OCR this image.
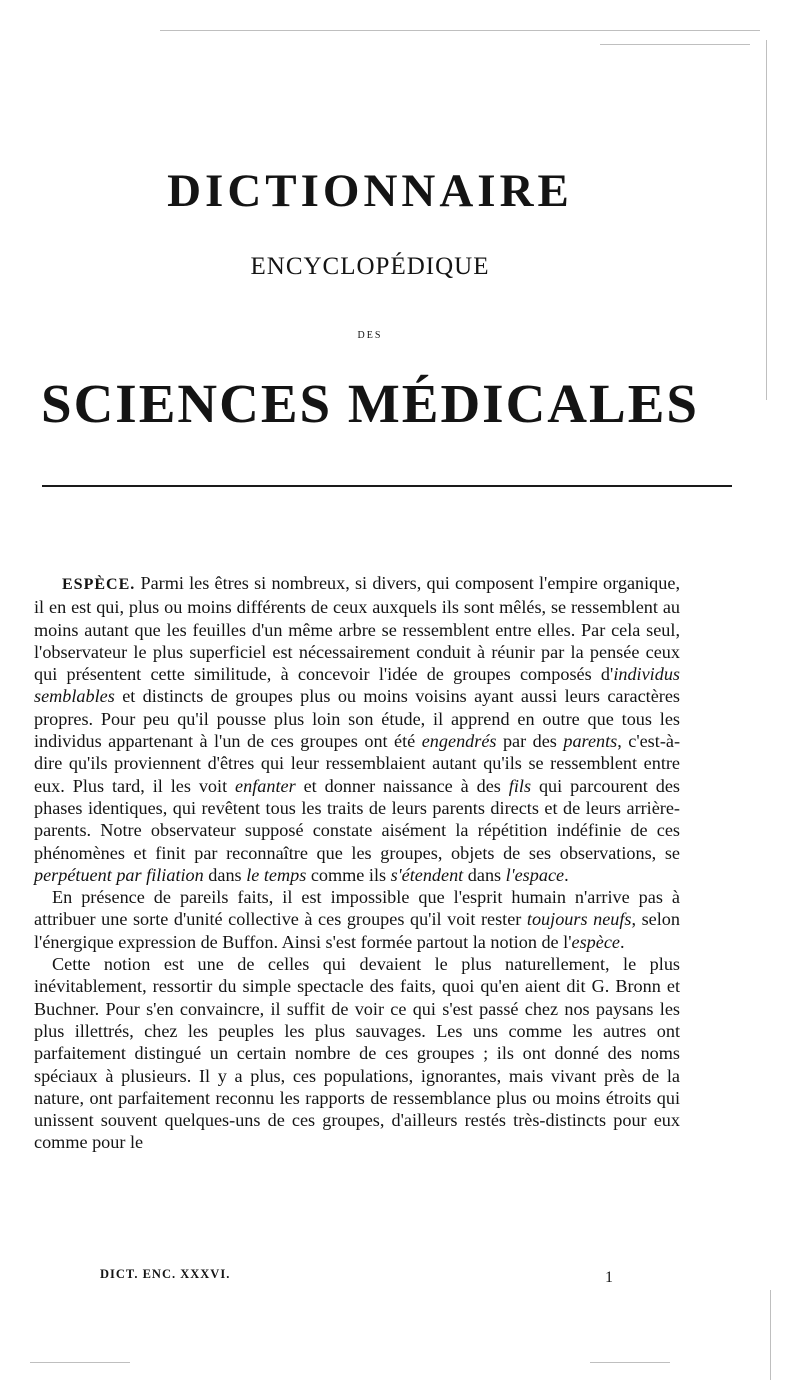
DICTIONNAIRE
ENCYCLOPÉDIQUE
DES
SCIENCES MÉDICALES

ESPÈCE. Parmi les êtres si nombreux, si divers, qui composent l'empire organique, il en est qui, plus ou moins différents de ceux auxquels ils sont mêlés, se ressemblent au moins autant que les feuilles d'un même arbre se ressemblent entre elles. Par cela seul, l'observateur le plus superficiel est nécessairement conduit à réunir par la pensée ceux qui présentent cette similitude, à concevoir l'idée de groupes composés d'individus semblables et distincts de groupes plus ou moins voisins ayant aussi leurs caractères propres. Pour peu qu'il pousse plus loin son étude, il apprend en outre que tous les individus appartenant à l'un de ces groupes ont été engendrés par des parents, c'est-à-dire qu'ils proviennent d'êtres qui leur ressemblaient autant qu'ils se ressemblent entre eux. Plus tard, il les voit enfanter et donner naissance à des fils qui parcourent des phases identiques, qui revêtent tous les traits de leurs parents directs et de leurs arrière-parents. Notre observateur supposé constate aisément la répétition indéfinie de ces phénomènes et finit par reconnaître que les groupes, objets de ses observations, se perpétuent par filiation dans le temps comme ils s'étendent dans l'espace.

En présence de pareils faits, il est impossible que l'esprit humain n'arrive pas à attribuer une sorte d'unité collective à ces groupes qu'il voit rester toujours neufs, selon l'énergique expression de Buffon. Ainsi s'est formée partout la notion de l'espèce.

Cette notion est une de celles qui devaient le plus naturellement, le plus inévitablement, ressortir du simple spectacle des faits, quoi qu'en aient dit G. Bronn et Buchner. Pour s'en convaincre, il suffit de voir ce qui s'est passé chez nos paysans les plus illettrés, chez les peuples les plus sauvages. Les uns comme les autres ont parfaitement distingué un certain nombre de ces groupes ; ils ont donné des noms spéciaux à plusieurs. Il y a plus, ces populations, ignorantes, mais vivant près de la nature, ont parfaitement reconnu les rapports de ressemblance plus ou moins étroits qui unissent souvent quelques-uns de ces groupes, d'ailleurs restés très-distincts pour eux comme pour le

DICT. ENC. XXXVI.	1
